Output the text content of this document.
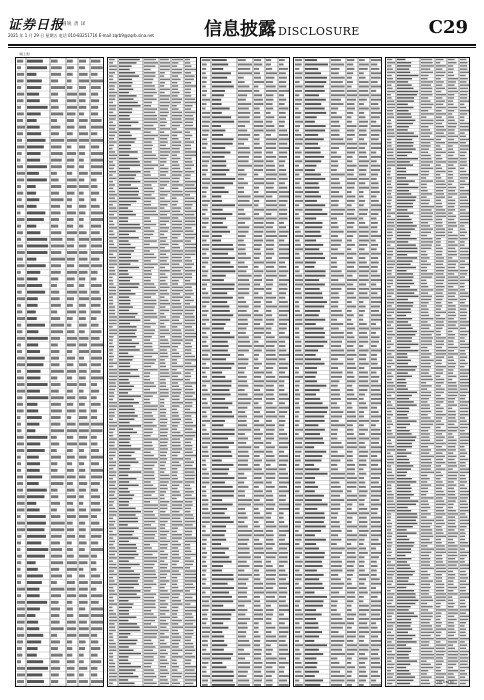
证券日报
圆锐 责 译
2021 年 1 月 29 日 星期五 电话 010-83251716 E-mail zqrb9@zqrb.sina.net	信息披露 DISCLOSURE	C29
（续上表）
（下转 C30 版）
